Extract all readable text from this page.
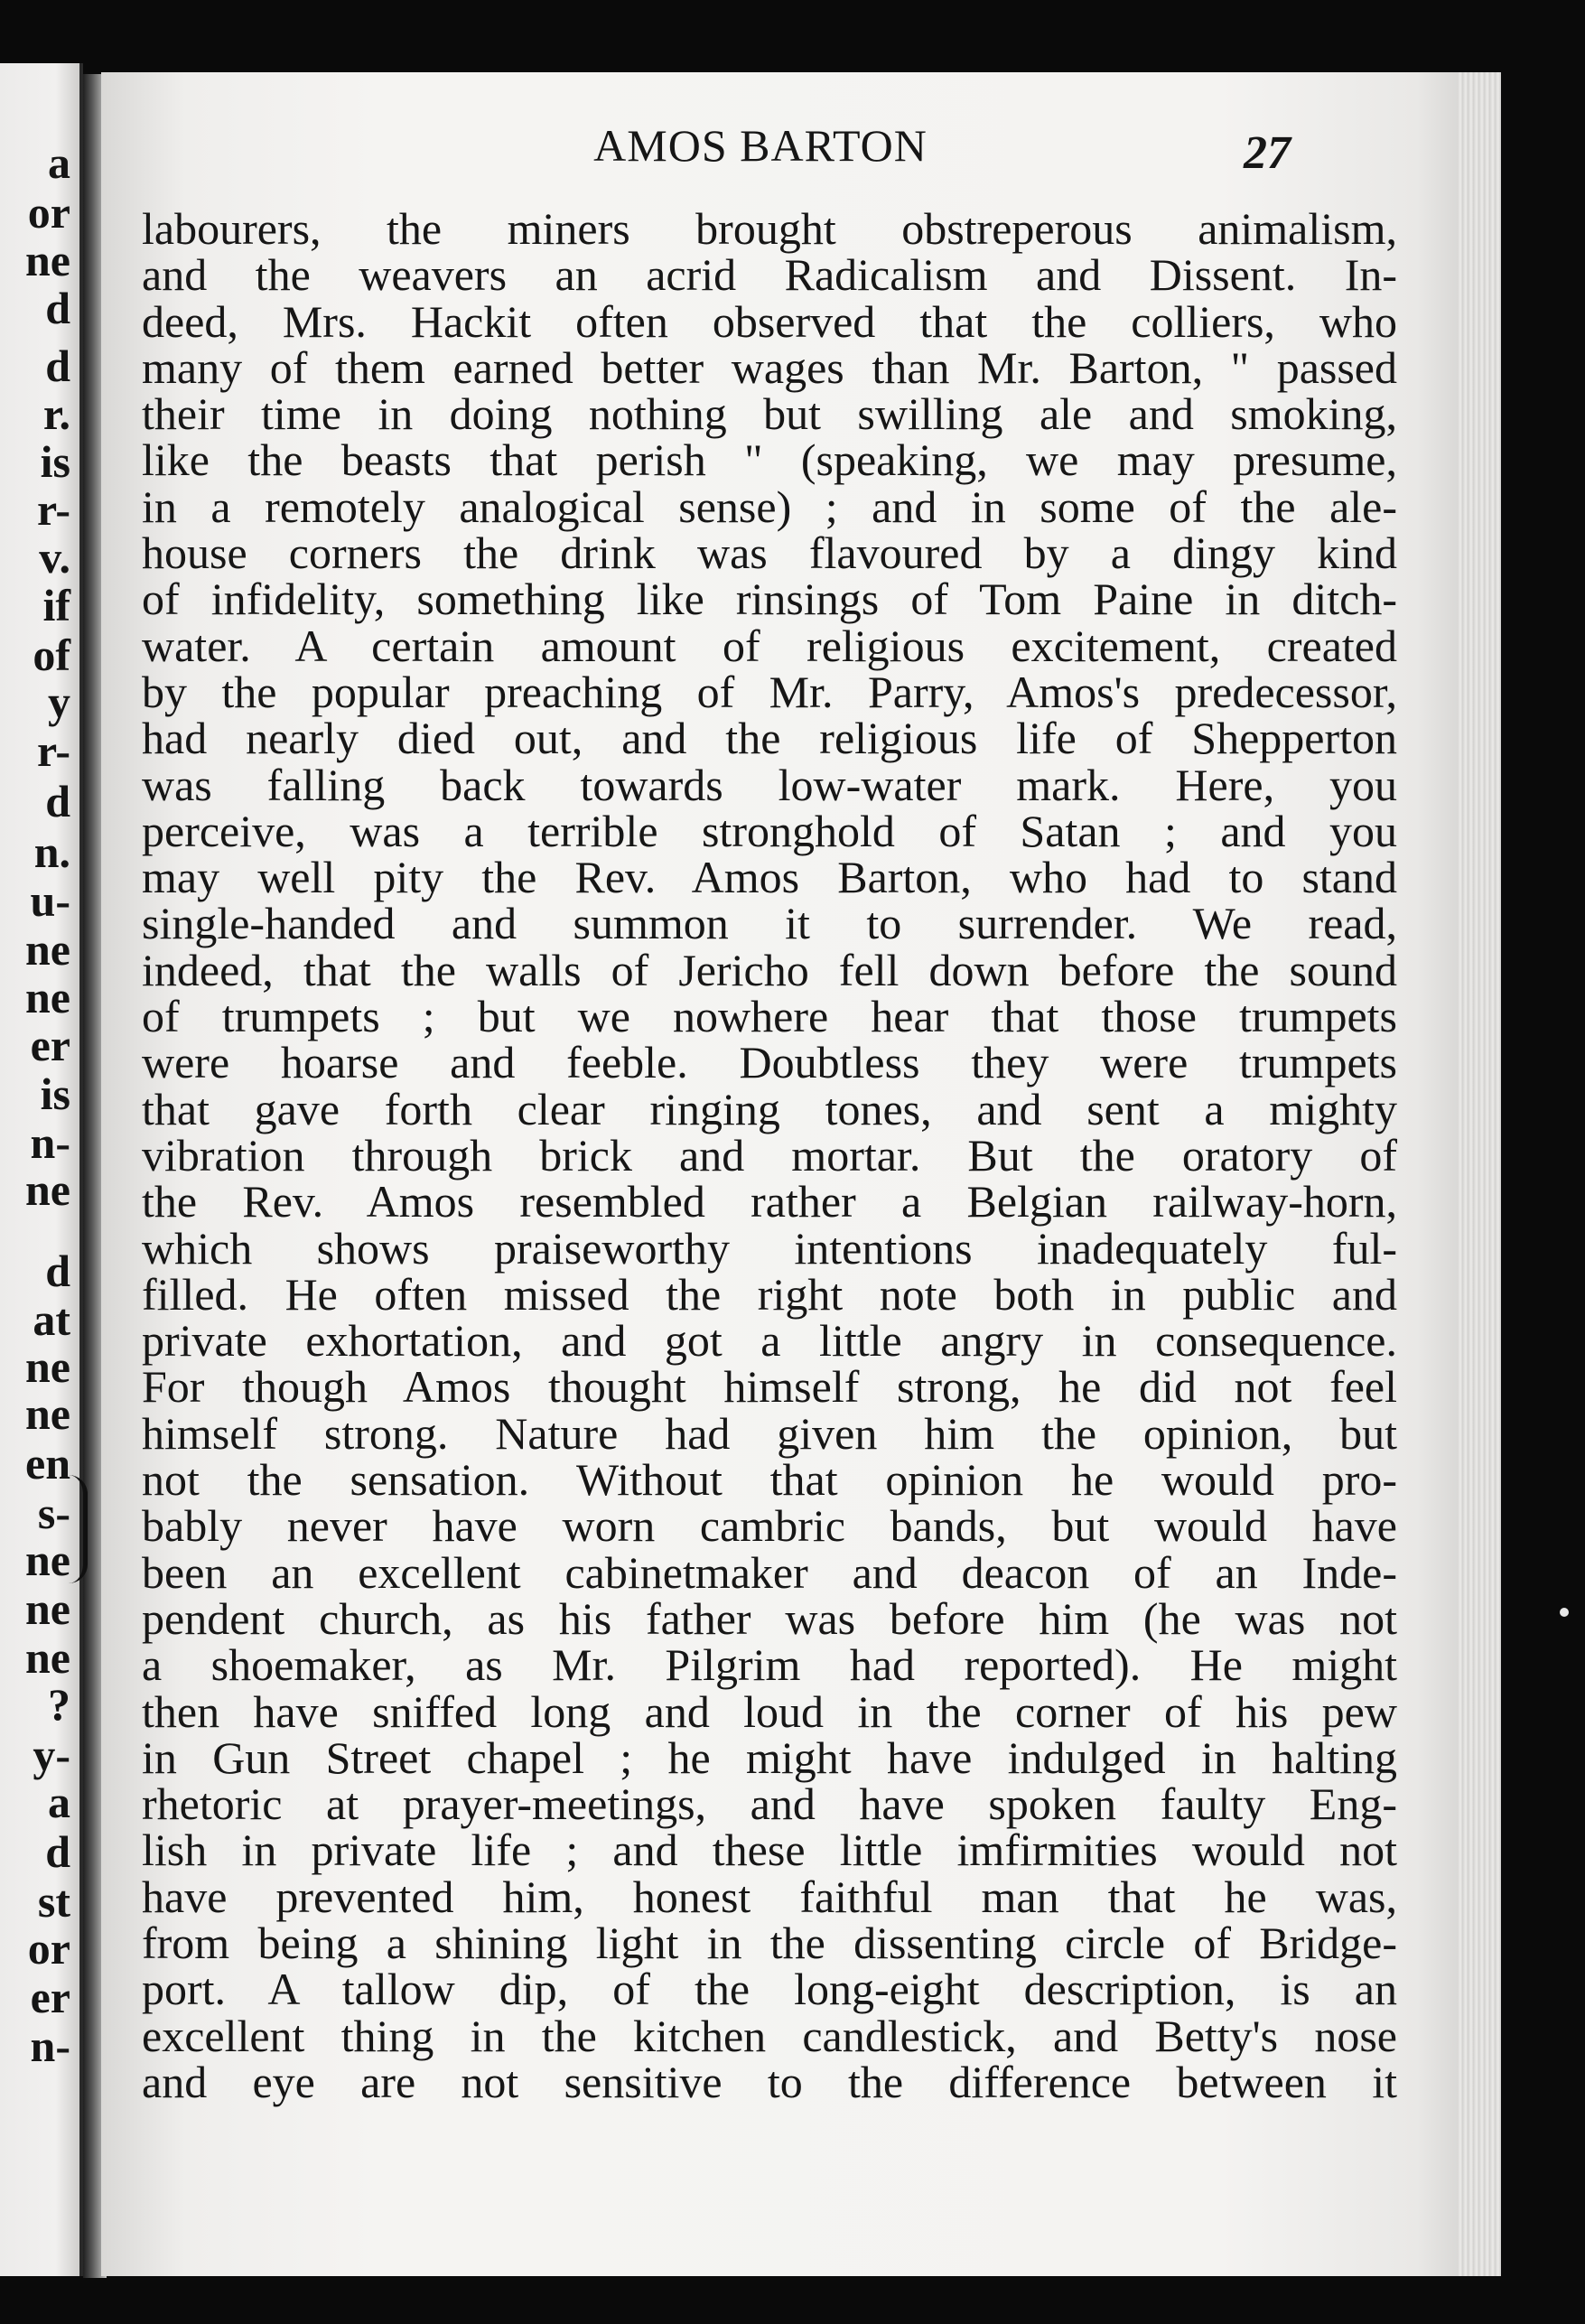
a
or
ne
d
d
r.
is
r-
v.
if
of
y
r-
d
n.
u-
ne
ne
er
is
n-
ne
d
at
ne
ne
en
s-
ne
ne
ne
?
y-
a
d
st
or
er
n-
AMOS BARTON	27
labourers, the miners brought obstreperous animalism,
and the weavers an acrid Radicalism and Dissent. In-
deed, Mrs. Hackit often observed that the colliers, who
many of them earned better wages than Mr. Barton, " passed
their time in doing nothing but swilling ale and smoking,
like the beasts that perish " (speaking, we may presume,
in a remotely analogical sense) ; and in some of the ale-
house corners the drink was flavoured by a dingy kind
of infidelity, something like rinsings of Tom Paine in ditch-
water. A certain amount of religious excitement, created
by the popular preaching of Mr. Parry, Amos's predecessor,
had nearly died out, and the religious life of Shepperton
was falling back towards low-water mark. Here, you
perceive, was a terrible stronghold of Satan ; and you
may well pity the Rev. Amos Barton, who had to stand
single-handed and summon it to surrender. We read,
indeed, that the walls of Jericho fell down before the sound
of trumpets ; but we nowhere hear that those trumpets
were hoarse and feeble. Doubtless they were trumpets
that gave forth clear ringing tones, and sent a mighty
vibration through brick and mortar. But the oratory of
the Rev. Amos resembled rather a Belgian railway-horn,
which shows praiseworthy intentions inadequately ful-
filled. He often missed the right note both in public and
private exhortation, and got a little angry in consequence.
For though Amos thought himself strong, he did not feel
himself strong. Nature had given him the opinion, but
not the sensation. Without that opinion he would pro-
bably never have worn cambric bands, but would have
been an excellent cabinetmaker and deacon of an Inde-
pendent church, as his father was before him (he was not
a shoemaker, as Mr. Pilgrim had reported). He might
then have sniffed long and loud in the corner of his pew
in Gun Street chapel ; he might have indulged in halting
rhetoric at prayer-meetings, and have spoken faulty Eng-
lish in private life ; and these little imfirmities would not
have prevented him, honest faithful man that he was,
from being a shining light in the dissenting circle of Bridge-
port. A tallow dip, of the long-eight description, is an
excellent thing in the kitchen candlestick, and Betty's nose
and eye are not sensitive to the difference between it
